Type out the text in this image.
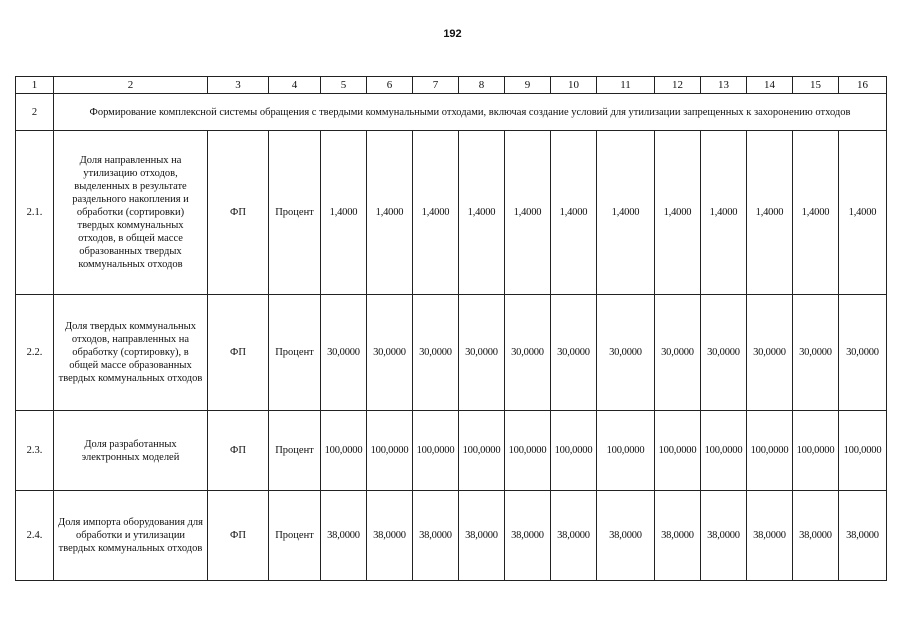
192
1	2	3	4	5	6	7	8	9	10	11	12	13	14	15	16
2	Формирование комплексной системы обращения с твердыми коммунальными отходами, включая создание условий для утилизации запрещенных к захоронению отходов														
2.1.	Доля направленных на утилизацию отходов, выделенных в результате раздельного накопления и обработки (сортировки) твердых коммунальных отходов, в общей массе образованных твердых коммунальных отходов	ФП	Процент	1,4000	1,4000	1,4000	1,4000	1,4000	1,4000	1,4000	1,4000	1,4000	1,4000	1,4000	1,4000
2.2.	Доля твердых коммунальных отходов, направленных на обработку (сортировку), в общей массе образованных твердых коммунальных отходов	ФП	Процент	30,0000	30,0000	30,0000	30,0000	30,0000	30,0000	30,0000	30,0000	30,0000	30,0000	30,0000	30,0000
2.3.	Доля разработанных электронных моделей	ФП	Процент	100,0000	100,0000	100,0000	100,0000	100,0000	100,0000	100,0000	100,0000	100,0000	100,0000	100,0000	100,0000
2.4.	Доля импорта оборудования для обработки и утилизации твердых коммунальных отходов	ФП	Процент	38,0000	38,0000	38,0000	38,0000	38,0000	38,0000	38,0000	38,0000	38,0000	38,0000	38,0000	38,0000
